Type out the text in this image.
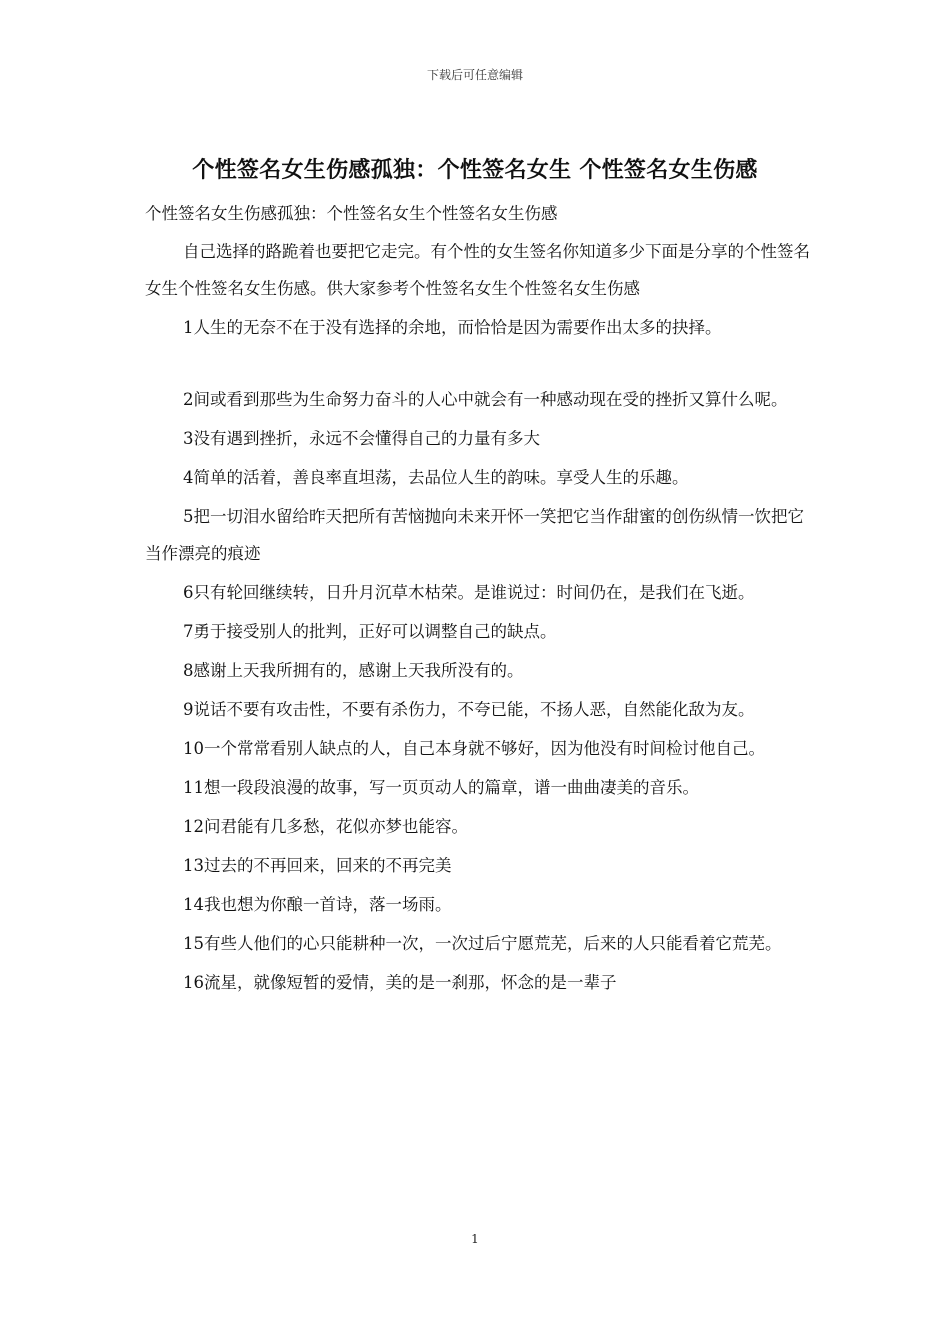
下载后可任意编辑
个性签名女生伤感孤独：个性签名女生 个性签名女生伤感

个性签名女生伤感孤独：个性签名女生个性签名女生伤感

自己选择的路跪着也要把它走完。有个性的女生签名你知道多少下面是分享的个性签名女生个性签名女生伤感。供大家参考个性签名女生个性签名女生伤感

1人生的无奈不在于没有选择的余地，而恰恰是因为需要作出太多的抉择。

2间或看到那些为生命努力奋斗的人心中就会有一种感动现在受的挫折又算什么呢。

3没有遇到挫折，永远不会懂得自己的力量有多大

4简单的活着，善良率直坦荡，去品位人生的韵味。享受人生的乐趣。

5把一切泪水留给昨天把所有苦恼抛向未来开怀一笑把它当作甜蜜的创伤纵情一饮把它当作漂亮的痕迹

6只有轮回继续转，日升月沉草木枯荣。是谁说过：时间仍在，是我们在飞逝。

7勇于接受别人的批判，正好可以调整自己的缺点。

8感谢上天我所拥有的，感谢上天我所没有的。

9说话不要有攻击性，不要有杀伤力，不夸已能，不扬人恶，自然能化敌为友。

10一个常常看别人缺点的人，自己本身就不够好，因为他没有时间检讨他自己。

11想一段段浪漫的故事，写一页页动人的篇章，谱一曲曲凄美的音乐。

12问君能有几多愁，花似亦梦也能容。

13过去的不再回来，回来的不再完美

14我也想为你酿一首诗，落一场雨。

15有些人他们的心只能耕种一次，一次过后宁愿荒芜，后来的人只能看着它荒芜。

16流星，就像短暂的爱情，美的是一刹那，怀念的是一辈子

1
